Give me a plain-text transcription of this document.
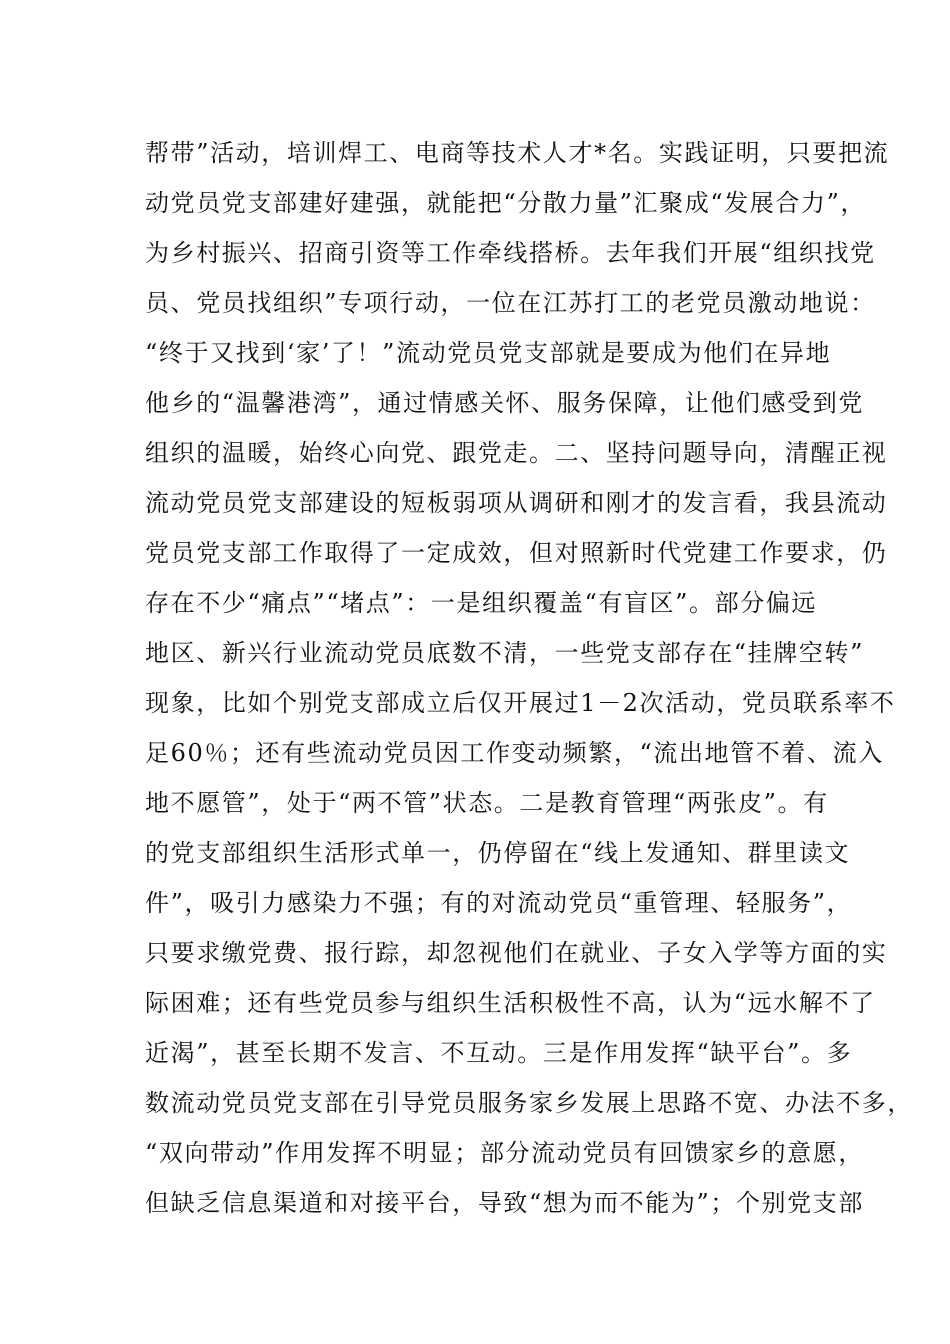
帮带”活动，培训焊工、电商等技术人才*名。实践证明，只要把流
动党员党支部建好建强，就能把“分散力量”汇聚成“发展合力”，
为乡村振兴、招商引资等工作牵线搭桥。去年我们开展“组织找党
员、党员找组织”专项行动，一位在江苏打工的老党员激动地说：
“终于又找到‘家’了！”流动党员党支部就是要成为他们在异地
他乡的“温馨港湾”，通过情感关怀、服务保障，让他们感受到党
组织的温暖，始终心向党、跟党走。二、坚持问题导向，清醒正视
流动党员党支部建设的短板弱项从调研和刚才的发言看，我县流动
党员党支部工作取得了一定成效，但对照新时代党建工作要求，仍
存在不少“痛点”“堵点”：一是组织覆盖“有盲区”。部分偏远
地区、新兴行业流动党员底数不清，一些党支部存在“挂牌空转”
现象，比如个别党支部成立后仅开展过1－2次活动，党员联系率不
足60％；还有些流动党员因工作变动频繁，“流出地管不着、流入
地不愿管”，处于“两不管”状态。二是教育管理“两张皮”。有
的党支部组织生活形式单一，仍停留在“线上发通知、群里读文
件”，吸引力感染力不强；有的对流动党员“重管理、轻服务”，
只要求缴党费、报行踪，却忽视他们在就业、子女入学等方面的实
际困难；还有些党员参与组织生活积极性不高，认为“远水解不了
近渴”，甚至长期不发言、不互动。三是作用发挥“缺平台”。多
数流动党员党支部在引导党员服务家乡发展上思路不宽、办法不多，
“双向带动”作用发挥不明显；部分流动党员有回馈家乡的意愿，
但缺乏信息渠道和对接平台，导致“想为而不能为”；个别党支部
